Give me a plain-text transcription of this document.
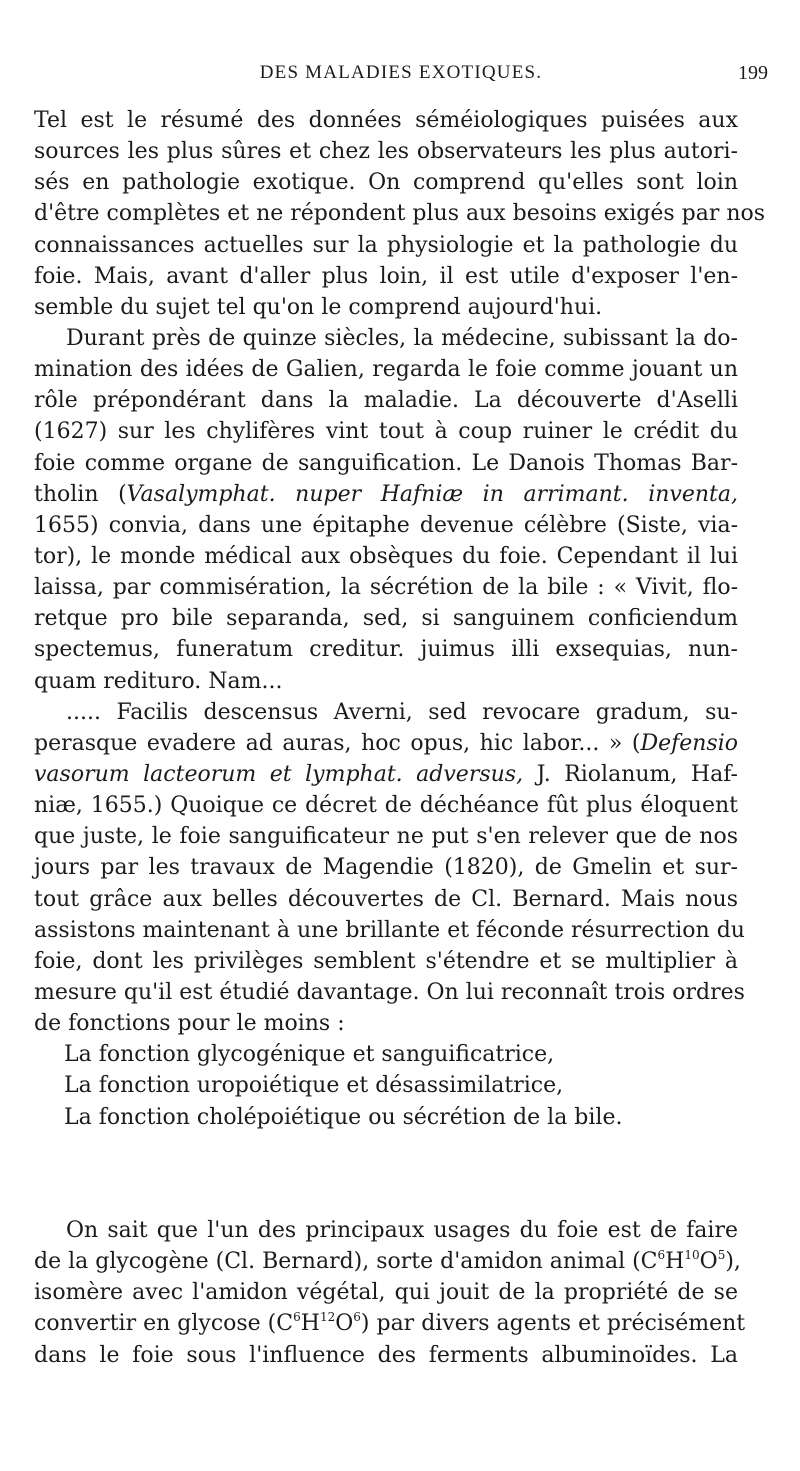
DES MALADIES EXOTIQUES.	199
Tel est le résumé des données séméiologiques puisées aux
sources les plus sûres et chez les observateurs les plus autori-
sés en pathologie exotique. On comprend qu'elles sont loin
d'être complètes et ne répondent plus aux besoins exigés par nos
connaissances actuelles sur la physiologie et la pathologie du
foie. Mais, avant d'aller plus loin, il est utile d'exposer l'en-
semble du sujet tel qu'on le comprend aujourd'hui.
Durant près de quinze siècles, la médecine, subissant la do-
mination des idées de Galien, regarda le foie comme jouant un
rôle prépondérant dans la maladie. La découverte d'Aselli
(1627) sur les chylifères vint tout à coup ruiner le crédit du
foie comme organe de sanguification. Le Danois Thomas Bar-
tholin (Vasalymphat. nuper Hafniæ in arrimant. inventa,
1655) convia, dans une épitaphe devenue célèbre (Siste, via-
tor), le monde médical aux obsèques du foie. Cependant il lui
laissa, par commisération, la sécrétion de la bile : « Vivit, flo-
retque pro bile separanda, sed, si sanguinem conficiendum
spectemus, funeratum creditur. juimus illi exsequias, nun-
quam redituro. Nam...
..... Facilis descensus Averni, sed revocare gradum, su-
perasque evadere ad auras, hoc opus, hic labor... » (Defensio
vasorum lacteorum et lymphat. adversus, J. Riolanum, Haf-
niæ, 1655.) Quoique ce décret de déchéance fût plus éloquent
que juste, le foie sanguificateur ne put s'en relever que de nos
jours par les travaux de Magendie (1820), de Gmelin et sur-
tout grâce aux belles découvertes de Cl. Bernard. Mais nous
assistons maintenant à une brillante et féconde résurrection du
foie, dont les privilèges semblent s'étendre et se multiplier à
mesure qu'il est étudié davantage. On lui reconnaît trois ordres
de fonctions pour le moins :
La fonction glycogénique et sanguificatrice,
La fonction uropoiétique et désassimilatrice,
La fonction cholépoiétique ou sécrétion de la bile.
On sait que l'un des principaux usages du foie est de faire
de la glycogène (Cl. Bernard), sorte d'amidon animal $(C^6H^{10}O^5)$,
isomère avec l'amidon végétal, qui jouit de la propriété de se
convertir en glycose $(C^6H^{12}O^6)$ par divers agents et précisément
dans le foie sous l'influence des ferments albuminoïdes. La
